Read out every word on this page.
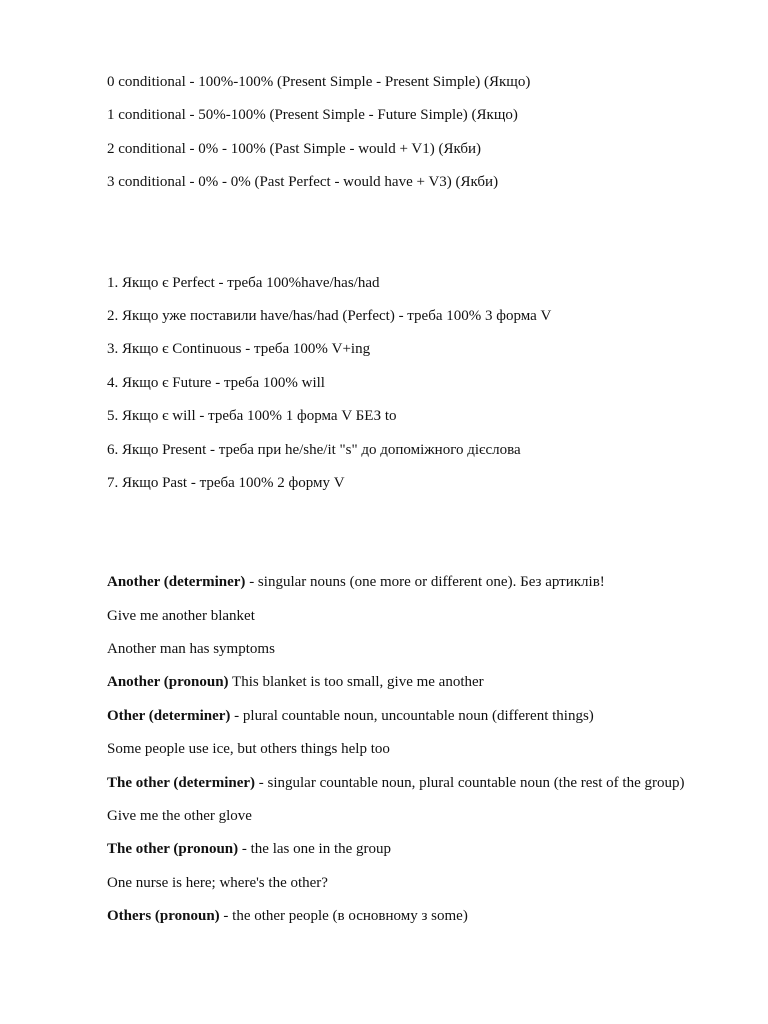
0 conditional - 100%-100% (Present Simple - Present Simple) (Якщо)
1 conditional - 50%-100% (Present Simple - Future Simple) (Якщо)
2 conditional - 0% - 100% (Past Simple - would + V1) (Якби)
3 conditional - 0% - 0% (Past Perfect - would have + V3) (Якби)
1. Якщо є Perfect - треба 100%have/has/had
2. Якщо уже поставили have/has/had (Perfect) - треба 100% 3 форма V
3. Якщо є Continuous - треба 100% V+ing
4. Якщо є Future - треба 100% will
5. Якщо є will - треба 100% 1 форма V БЕЗ to
6. Якщо Present - треба при he/she/it "s" до допоміжного дієслова
7. Якщо Past - треба 100% 2 форму V
Another (determiner) - singular nouns (one more or different one). Без артиклів!
Give me another blanket
Another man has symptoms
Another (pronoun) This blanket is too small, give me another
Other (determiner) - plural countable noun, uncountable noun (different things)
Some people use ice, but others things help too
The other (determiner) - singular countable noun, plural countable noun (the rest of the group)
Give me the other glove
The other (pronoun) - the las one in the group
One nurse is here; where's the other?
Others (pronoun) - the other people (в основному з some)
